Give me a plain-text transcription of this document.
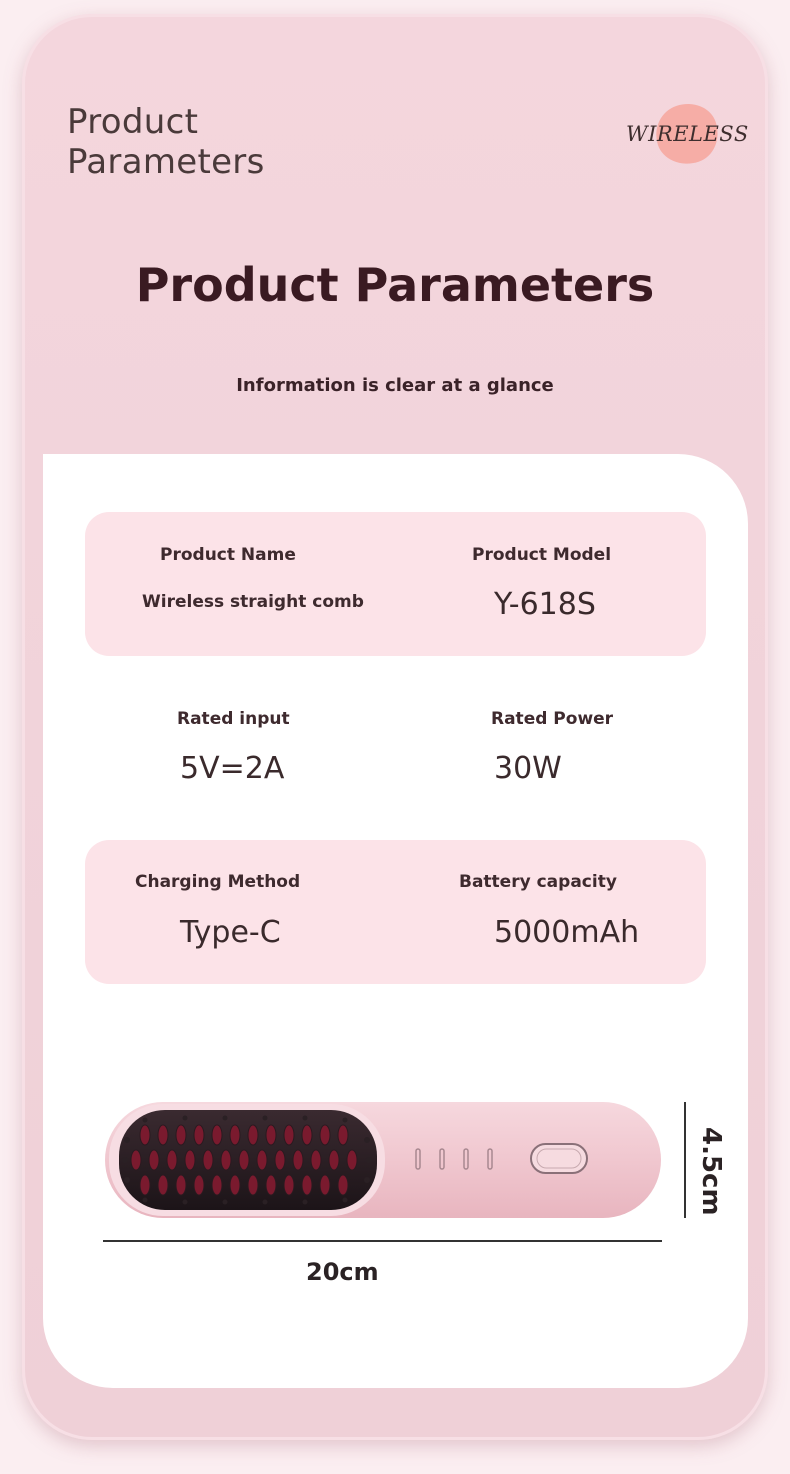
Product
Parameters
WIRELESS
Product Parameters
Information is clear at a glance
Product Name
Wireless straight comb
Product Model
Y-618S
Rated input
5V=2A
Rated Power
30W
Charging Method
Type-C
Battery capacity
5000mAh
4.5cm
20cm
